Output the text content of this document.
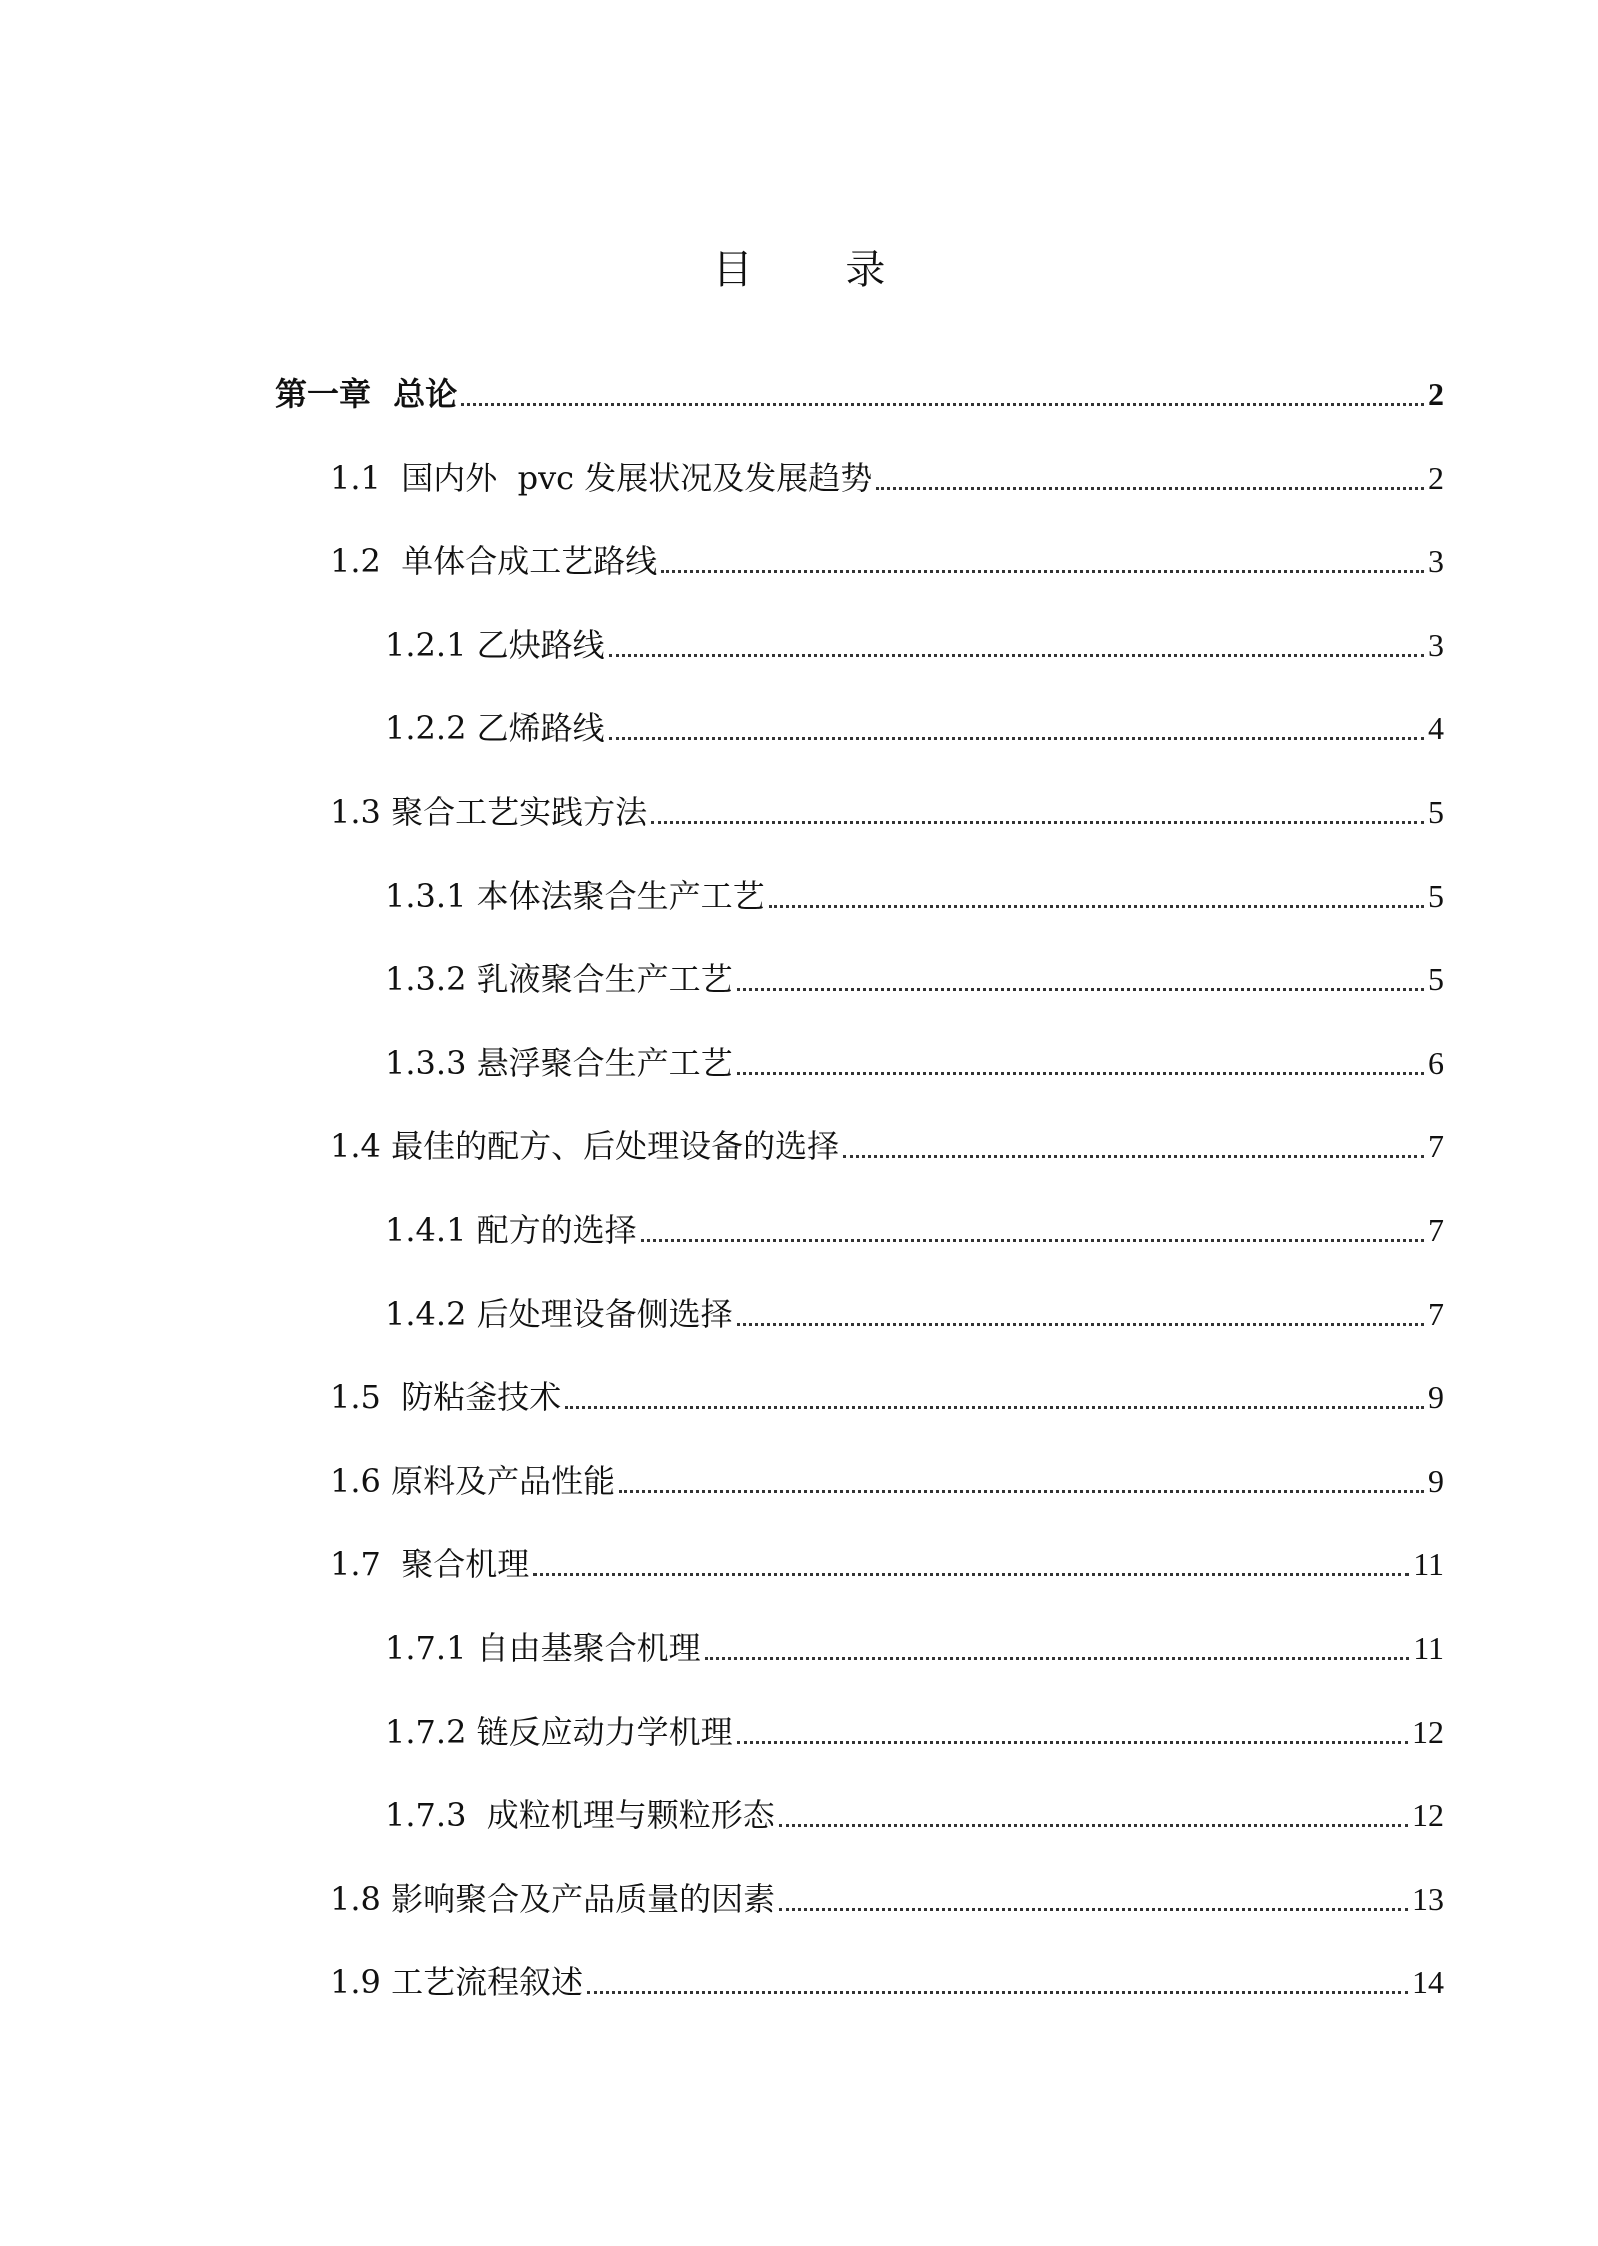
目 录
第一章  总论	2
1.1  国内外  pvc 发展状况及发展趋势	2
1.2  单体合成工艺路线	3
1.2.1 乙炔路线	3
1.2.2 乙烯路线	4
1.3 聚合工艺实践方法	5
1.3.1 本体法聚合生产工艺	5
1.3.2 乳液聚合生产工艺	5
1.3.3 悬浮聚合生产工艺	6
1.4 最佳的配方、后处理设备的选择	7
1.4.1 配方的选择	7
1.4.2 后处理设备侧选择	7
1.5  防粘釜技术	9
1.6 原料及产品性能	9
1.7  聚合机理	11
1.7.1 自由基聚合机理	11
1.7.2 链反应动力学机理	12
1.7.3  成粒机理与颗粒形态	12
1.8 影响聚合及产品质量的因素	13
1.9 工艺流程叙述	14
